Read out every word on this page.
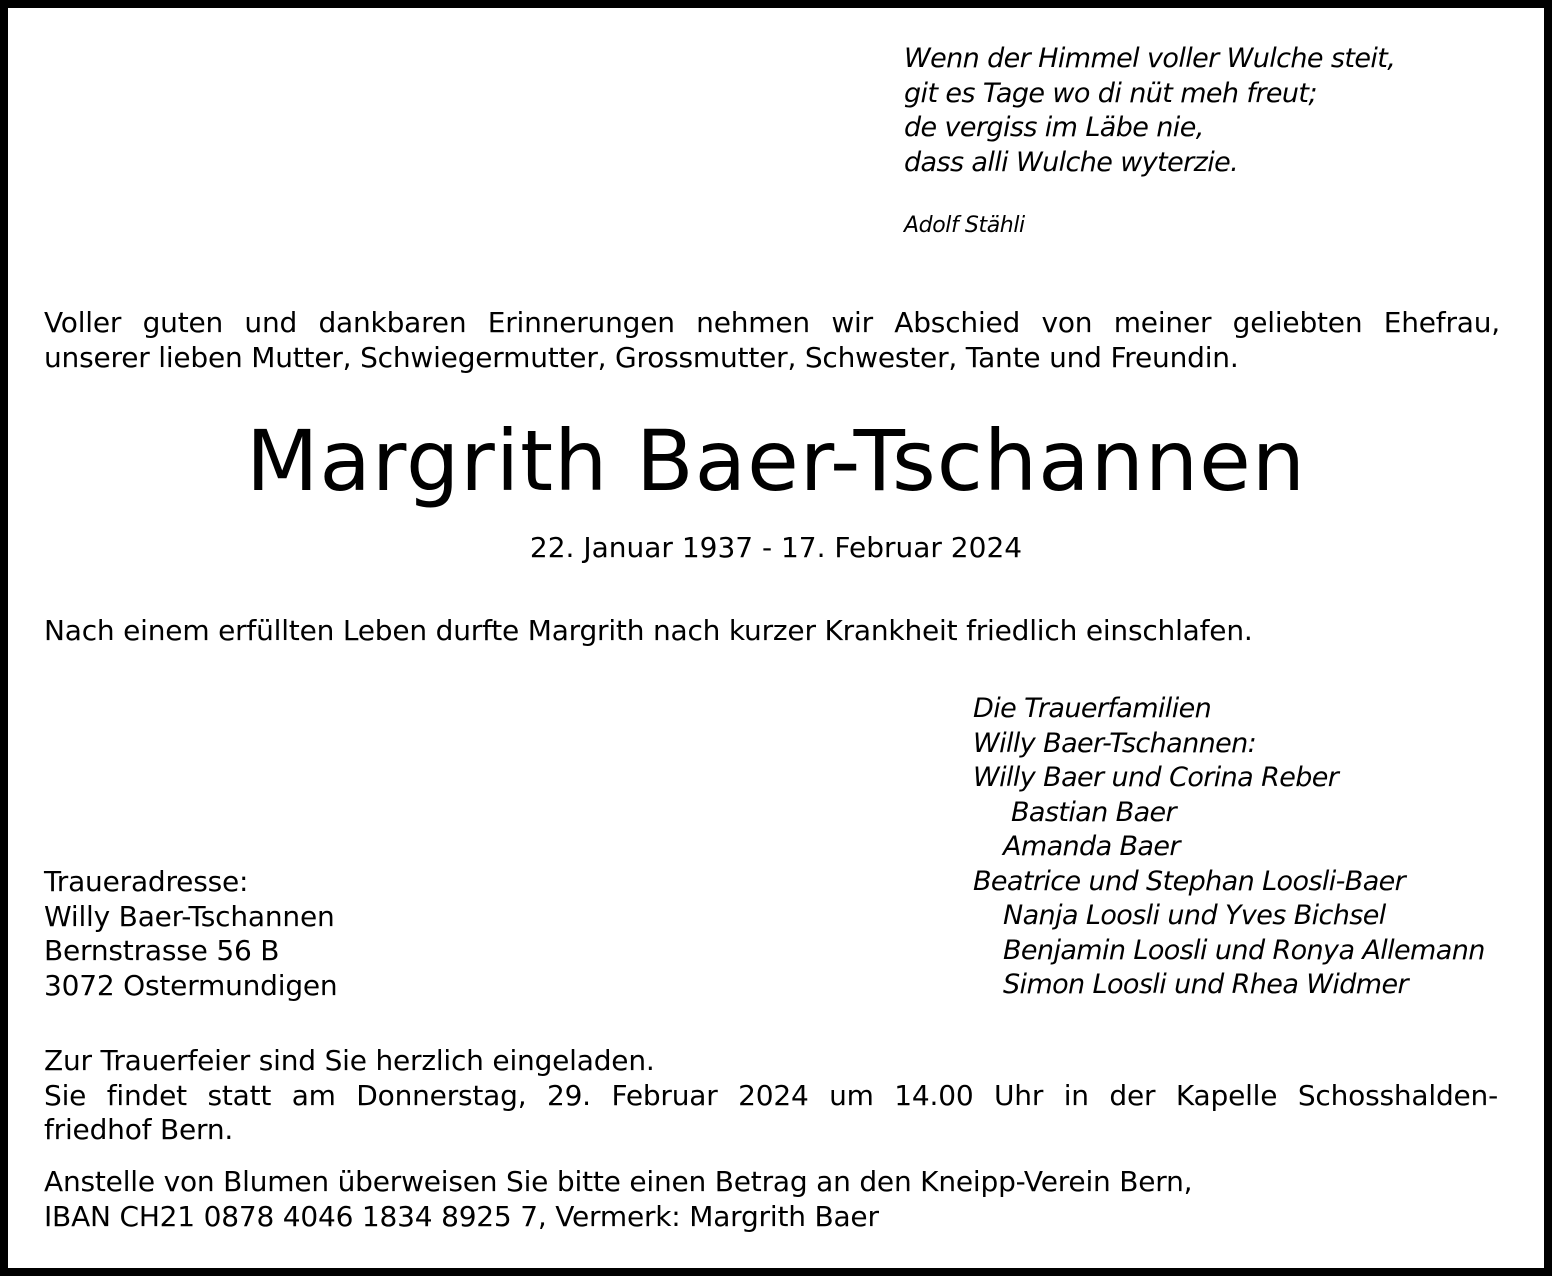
Wenn der Himmel voller Wulche steit,
git es Tage wo di nüt meh freut;
de vergiss im Läbe nie,
dass alli Wulche wyterzie.
Adolf Stähli
Voller guten und dankbaren Erinnerungen nehmen wir Abschied von meiner geliebten Ehefrau,
unserer lieben Mutter, Schwiegermutter, Grossmutter, Schwester, Tante und Freundin.
Margrith Baer-Tschannen
22. Januar 1937 - 17. Februar 2024
Nach einem erfüllten Leben durfte Margrith nach kurzer Krankheit friedlich einschlafen.
Die Trauerfamilien
Willy Baer-Tschannen:
Willy Baer und Corina Reber
Bastian Baer
Amanda Baer
Beatrice und Stephan Loosli-Baer
Nanja Loosli und Yves Bichsel
Benjamin Loosli und Ronya Allemann
Simon Loosli und Rhea Widmer
Traueradresse:
Willy Baer-Tschannen
Bernstrasse 56 B
3072 Ostermundigen
Zur Trauerfeier sind Sie herzlich eingeladen.
Sie findet statt am Donnerstag, 29. Februar 2024 um 14.00 Uhr in der Kapelle Schosshalden-
friedhof Bern.
Anstelle von Blumen überweisen Sie bitte einen Betrag an den Kneipp-Verein Bern,
IBAN CH21 0878 4046 1834 8925 7, Vermerk: Margrith Baer
